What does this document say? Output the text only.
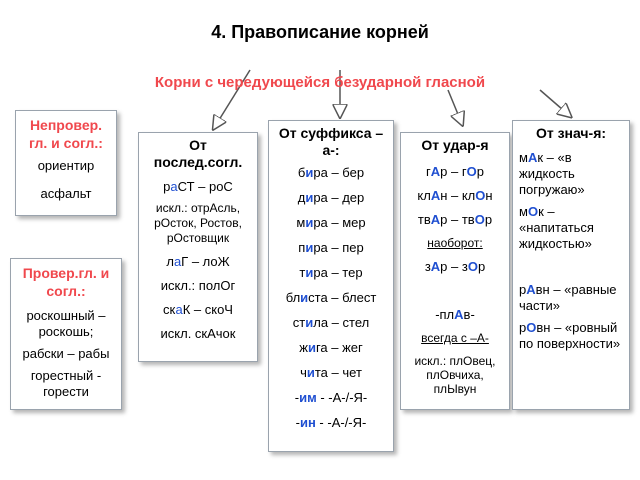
4. Правописание корней
Корни с чередующейся безударной гласной
Непровер. гл. и согл.:
ориентир
асфальт
Провер.гл. и согл.:
роскошный – роскошь;
рабски – рабы
горестный - горести
От
послед.согл.
раСТ – роС
искл.: отрАсль, рОсток, Ростов, рОстовщик
лаГ – лоЖ
искл.: полОг
скаК – скоЧ
искл. скАчок
От суффикса –а-:
бира – бер
дира – дер
мира – мер
пира – пер
тира – тер
блиста – блест
стила – стел
жига – жег
чита – чет
-им - -А-/-Я-
-ин - -А-/-Я-
От удар-я
гАр – гОр
клАн – клОн
твАр – твОр
наоборот:
зАр – зОр
-плАв-
всегда с –А-
искл.: плОвец, плОвчиха, плЫвун
От знач-я:
мАк – «в жидкость погружаю»
мОк – «напитаться жидкостью»
рАвн – «равные части»
рОвн – «ровный по поверхности»
